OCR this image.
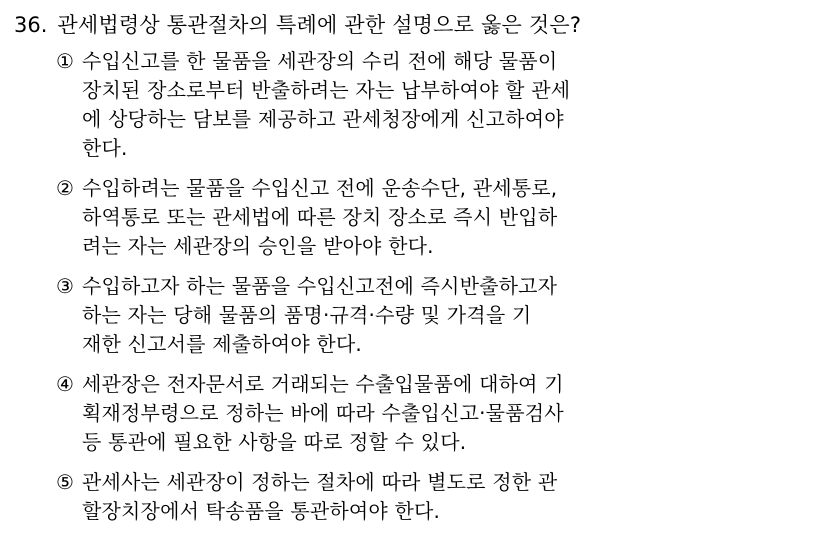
36. 관세법령상 통관절차의 특례에 관한 설명으로 옳은 것은?
① 수입신고를 한 물품을 세관장의 수리 전에 해당 물품이
장치된 장소로부터 반출하려는 자는 납부하여야 할 관세
에 상당하는 담보를 제공하고 관세청장에게 신고하여야
한다.
② 수입하려는 물품을 수입신고 전에 운송수단, 관세통로,
하역통로 또는 관세법에 따른 장치 장소로 즉시 반입하
려는 자는 세관장의 승인을 받아야 한다.
③ 수입하고자 하는 물품을 수입신고전에 즉시반출하고자
하는 자는 당해 물품의 품명·규격·수량 및 가격을 기
재한 신고서를 제출하여야 한다.
④ 세관장은 전자문서로 거래되는 수출입물품에 대하여 기
획재정부령으로 정하는 바에 따라 수출입신고·물품검사
등 통관에 필요한 사항을 따로 정할 수 있다.
⑤ 관세사는 세관장이 정하는 절차에 따라 별도로 정한 관
할장치장에서 탁송품을 통관하여야 한다.
